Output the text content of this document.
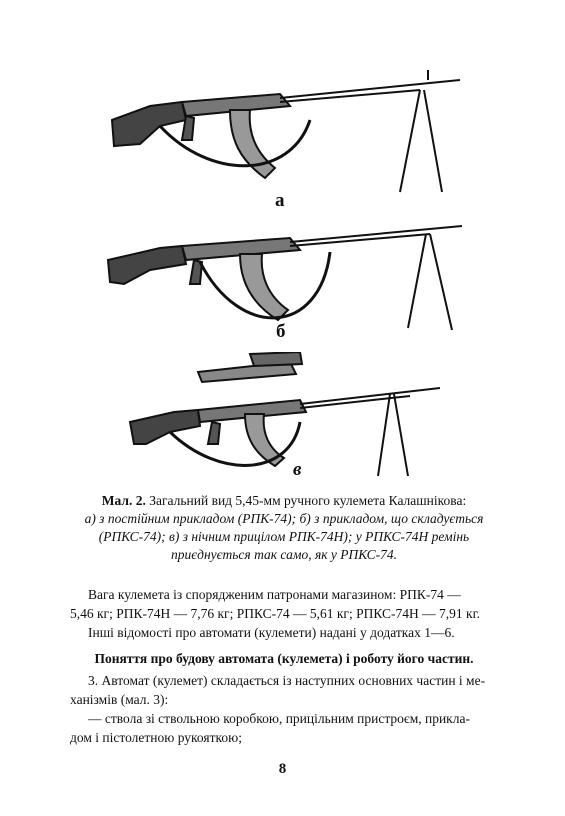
а
б
в
Мал. 2. Загальний вид 5,45-мм ручного кулемета Калашнікова:
а) з постійним прикладом (РПК-74); б) з прикладом, що складується
(РПКС-74); в) з нічним прицілом РПК-74Н); у РПКС-74Н ремінь
приєднується так само, як у РПКС-74.
Вага кулемета із спорядженим патронами магазином: РПК-74 —
5,46 кг; РПК-74Н — 7,76 кг; РПКС-74 — 5,61 кг; РПКС-74Н — 7,91 кг.
Інші відомості про автомати (кулемети) надані у додатках 1—6.
Поняття про будову автомата (кулемета) і роботу його частин.
3. Автомат (кулемет) складається із наступних основних частин і ме-
ханізмів (мал. 3):
— ствола зі ствольною коробкою, прицільним пристроєм, прикла-
дом і пістолетною рукояткою;
8
